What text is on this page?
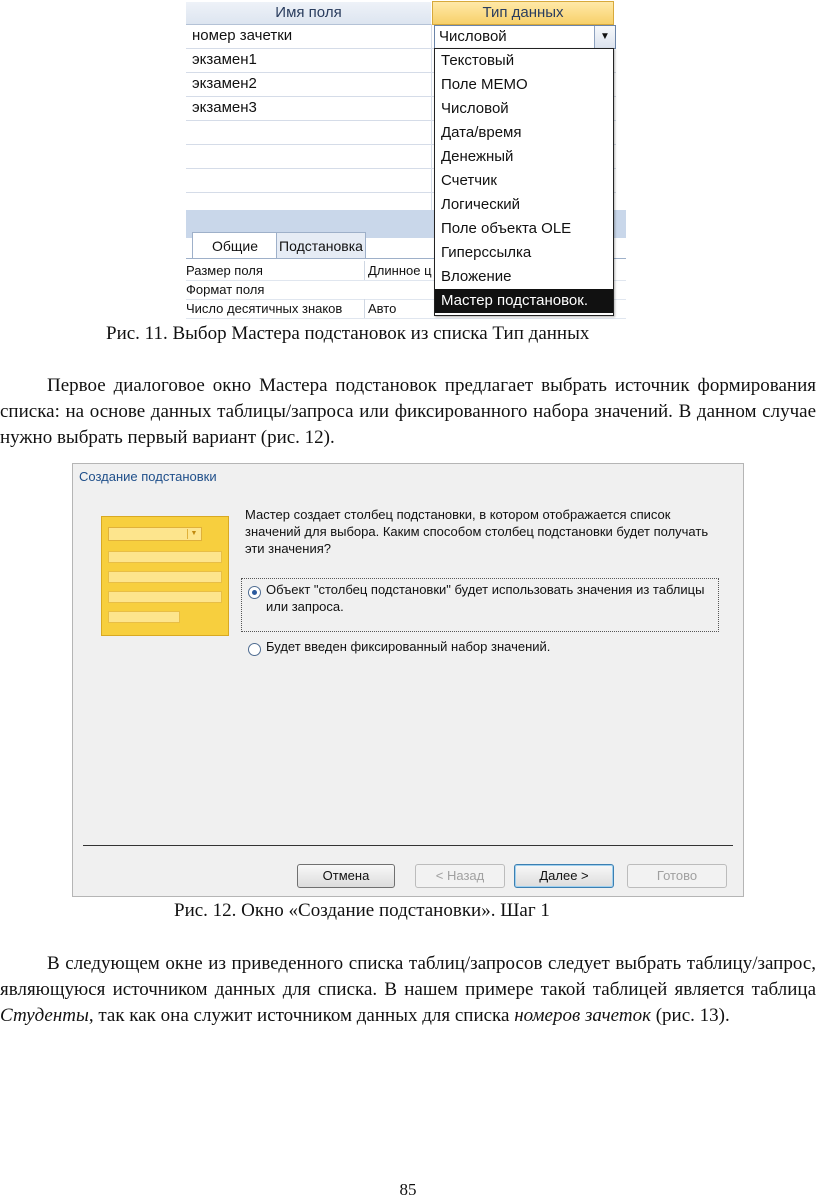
Имя поля	Тип данных
номер зачетки
экзамен1
экзамен2
экзамен3
Числовой	▼
Общие	Подстановка
Размер поля	Длинное ц
Формат поля
Число десятичных знаков	Авто
Текстовый
Поле MEMO
Числовой
Дата/время
Денежный
Счетчик
Логический
Поле объекта OLE
Гиперссылка
Вложение
Мастер подстановок.
Рис. 11. Выбор Мастера подстановок из списка Тип данных

Первое диалоговое окно Мастера подстановок предлагает выбрать источник формирования списка: на основе данных таблицы/запроса или фиксированного набора значений. В данном случае нужно выбрать первый вариант (рис. 12).

Создание подстановки
▼
Мастер создает столбец подстановки, в котором отображается список значений для выбора. Каким способом столбец подстановки будет получать эти значения?
Объект "столбец подстановки" будет использовать значения из таблицы или запроса.
Будет введен фиксированный набор значений.
Отмена	< Назад	Далее >	Готово
Рис. 12. Окно «Создание подстановки». Шаг 1

В следующем окне из приведенного списка таблиц/запросов следует выбрать таблицу/запрос, являющуюся источником данных для списка. В нашем примере такой таблицей является таблица Студенты, так как она служит источником данных для списка номеров зачеток (рис. 13).

85
